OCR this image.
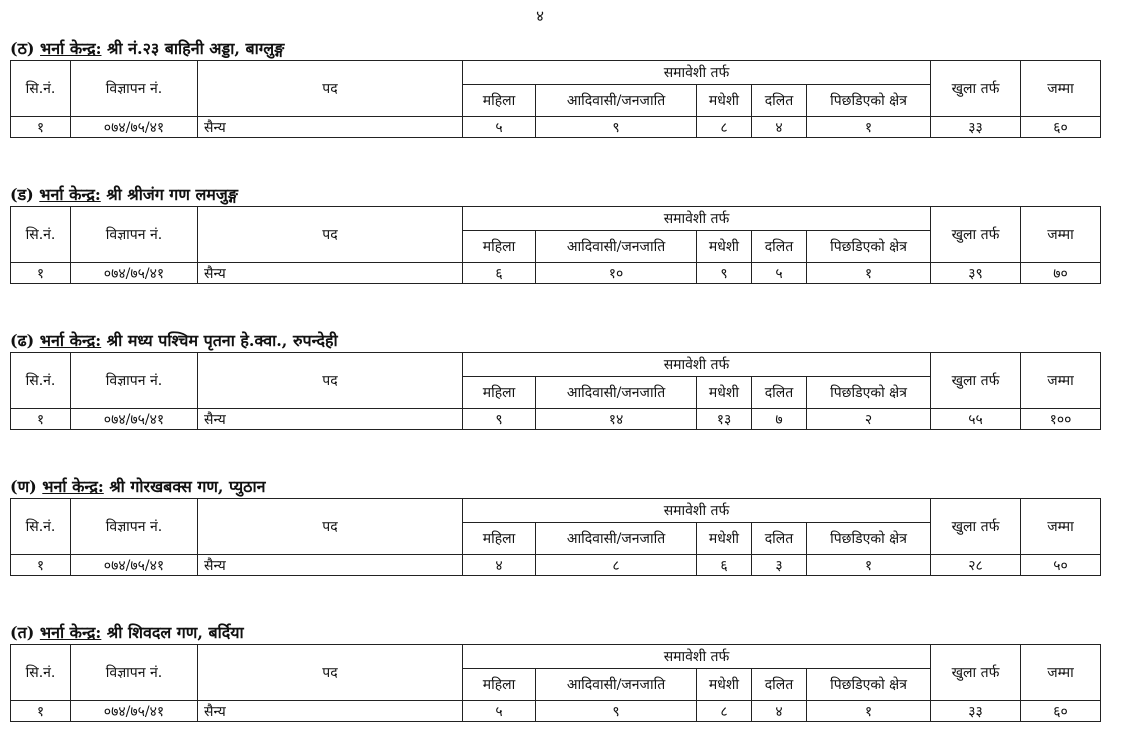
४
(ठ) भर्ना केन्द्र: श्री नं.२३ बाहिनी अड्डा, बाग्लुङ्ग
सि.नं.	विज्ञापन नं.	पद	समावेशी तर्फ					खुला तर्फ	जम्मा
			महिला	आदिवासी/जनजाति	मधेशी	दलित	पिछडिएको क्षेत्र		
१	०७४/७५/४१	सैन्य	५	९	८	४	१	३३	६०
(ड) भर्ना केन्द्र: श्री श्रीजंग गण लमजुङ्ग
सि.नं.	विज्ञापन नं.	पद	समावेशी तर्फ					खुला तर्फ	जम्मा
			महिला	आदिवासी/जनजाति	मधेशी	दलित	पिछडिएको क्षेत्र		
१	०७४/७५/४१	सैन्य	६	१०	९	५	१	३९	७०
(ढ) भर्ना केन्द्र: श्री मध्य पश्चिम पृतना हे.क्वा., रुपन्देही
सि.नं.	विज्ञापन नं.	पद	समावेशी तर्फ					खुला तर्फ	जम्मा
			महिला	आदिवासी/जनजाति	मधेशी	दलित	पिछडिएको क्षेत्र		
१	०७४/७५/४१	सैन्य	९	१४	१३	७	२	५५	१००
(ण) भर्ना केन्द्र: श्री गोरखबक्स गण, प्युठान
सि.नं.	विज्ञापन नं.	पद	समावेशी तर्फ					खुला तर्फ	जम्मा
			महिला	आदिवासी/जनजाति	मधेशी	दलित	पिछडिएको क्षेत्र		
१	०७४/७५/४१	सैन्य	४	८	६	३	१	२८	५०
(त) भर्ना केन्द्र: श्री शिवदल गण, बर्दिया
सि.नं.	विज्ञापन नं.	पद	समावेशी तर्फ					खुला तर्फ	जम्मा
			महिला	आदिवासी/जनजाति	मधेशी	दलित	पिछडिएको क्षेत्र		
१	०७४/७५/४१	सैन्य	५	९	८	४	१	३३	६०
